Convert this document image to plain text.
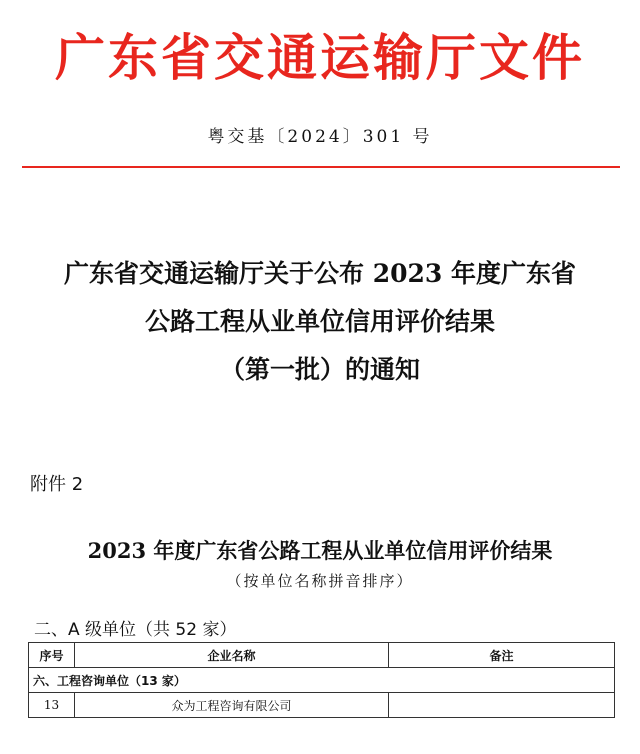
广东省交通运输厅文件
粤交基〔2024〕301 号
广东省交通运输厅关于公布 2023 年度广东省
公路工程从业单位信用评价结果
（第一批）的通知
附件 2
2023 年度广东省公路工程从业单位信用评价结果
（按单位名称拼音排序）
二、A 级单位（共 52 家）
序号	企业名称	备注
六、工程咨询单位（13 家）		
13	众为工程咨询有限公司	
